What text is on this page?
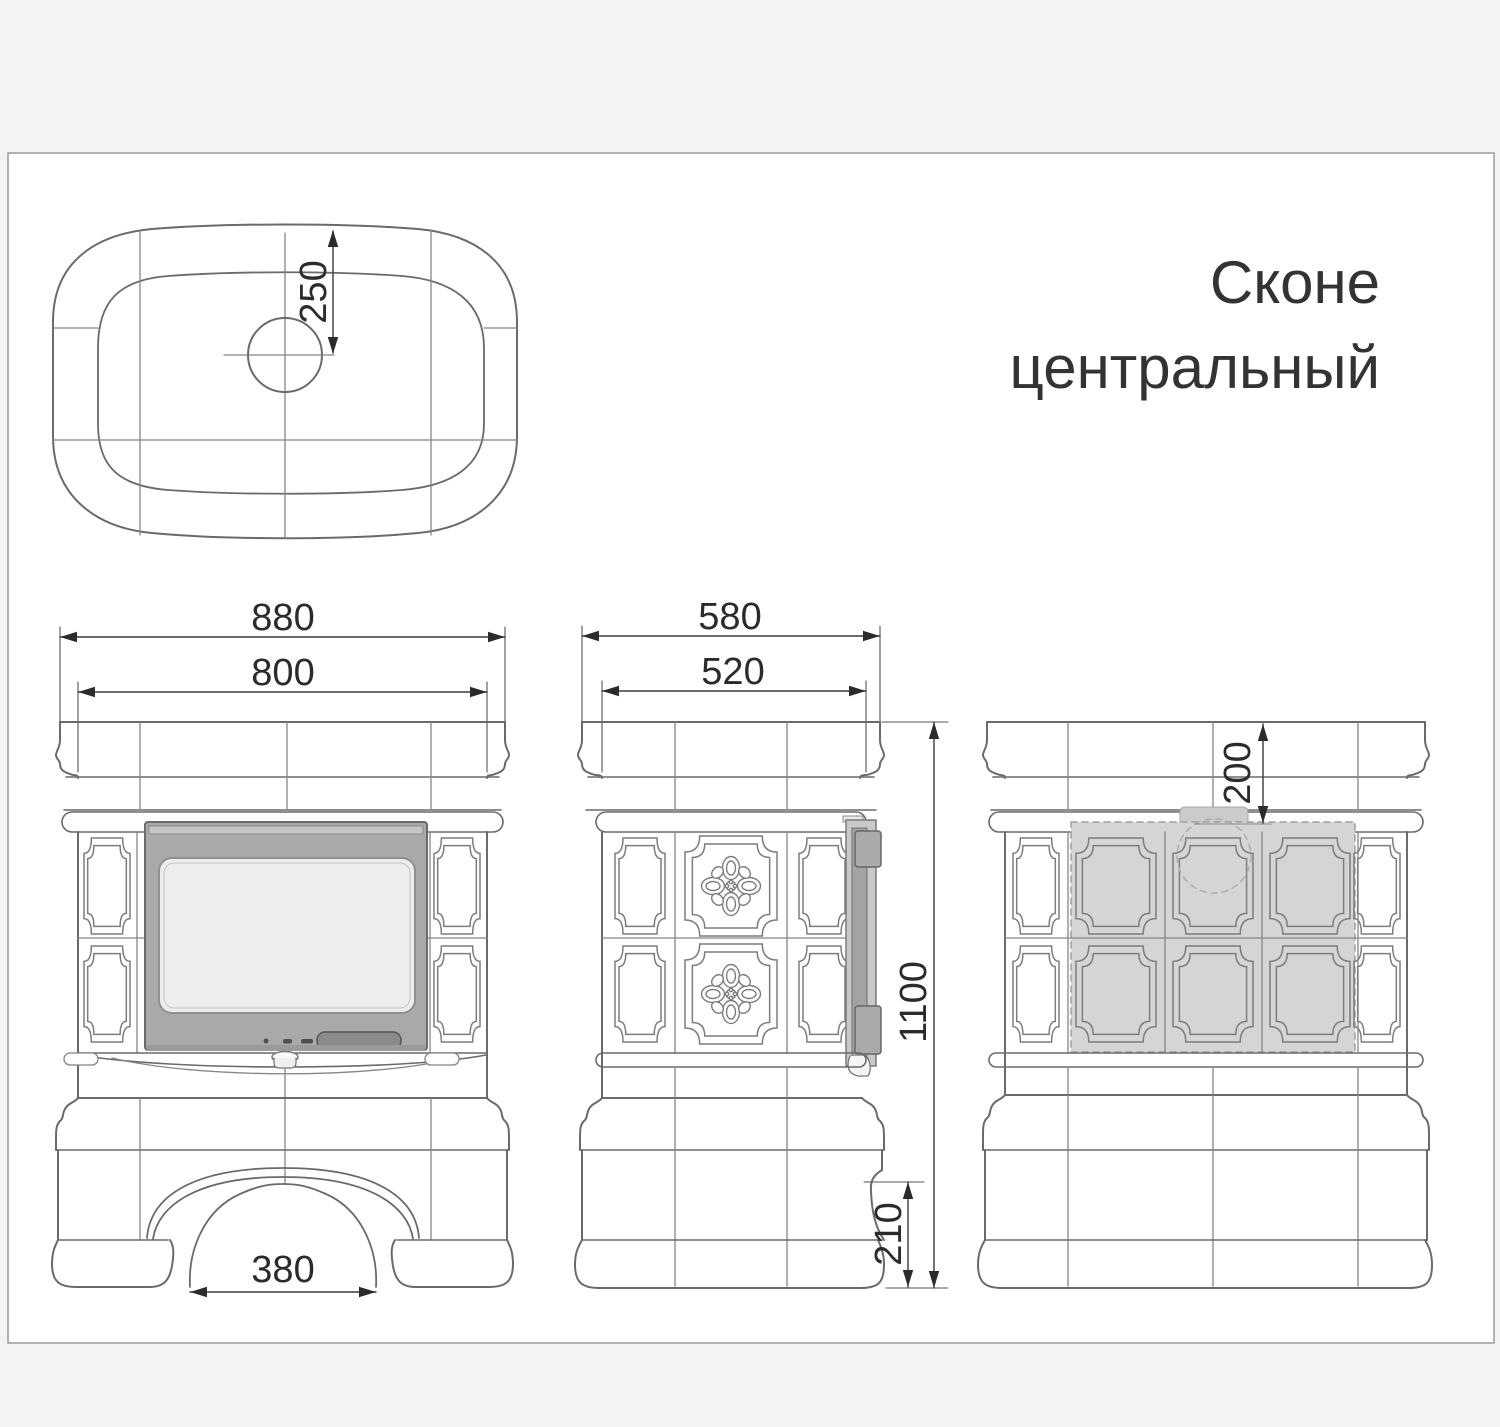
Сконе
центральный
250
880
800
380
580
520
210
1100
200
